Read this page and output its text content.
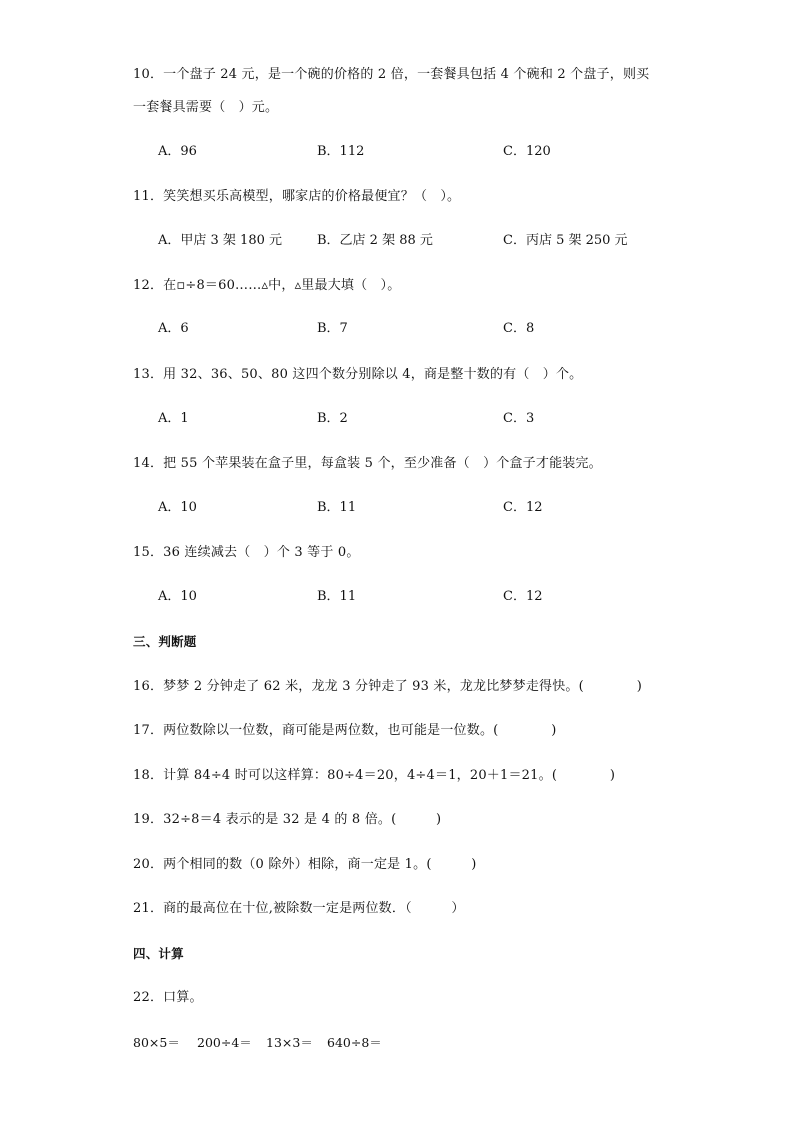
10．一个盘子 24 元，是一个碗的价格的 2 倍，一套餐具包括 4 个碗和 2 个盘子，则买
一套餐具需要（　）元。
A．96	B．112	C．120
11．笑笑想买乐高模型，哪家店的价格最便宜？（　）。
A．甲店 3 架 180 元	B．乙店 2 架 88 元	C．丙店 5 架 250 元
12．在▫÷8＝60……▵中，▵里最大填（　）。
A．6	B．7	C．8
13．用 32、36、50、80 这四个数分别除以 4，商是整十数的有（　）个。
A．1	B．2	C．3
14．把 55 个苹果装在盒子里，每盒装 5 个，至少准备（　）个盒子才能装完。
A．10	B．11	C．12
15．36 连续减去（　）个 3 等于 0。
A．10	B．11	C．12
三、判断题
16．梦梦 2 分钟走了 62 米，龙龙 3 分钟走了 93 米，龙龙比梦梦走得快。(　　　　)
17．两位数除以一位数，商可能是两位数，也可能是一位数。(　　　　)
18．计算 84÷4 时可以这样算：80÷4＝20，4÷4＝1，20＋1＝21。(　　　　)
19．32÷8＝4 表示的是 32 是 4 的 8 倍。(　　　)
20．两个相同的数（0 除外）相除，商一定是 1。(　　　)
21．商的最高位在十位,被除数一定是两位数．（　　　）
四、计算
22．口算。
80×5＝ 200÷4＝ 13×3＝ 640÷8＝
